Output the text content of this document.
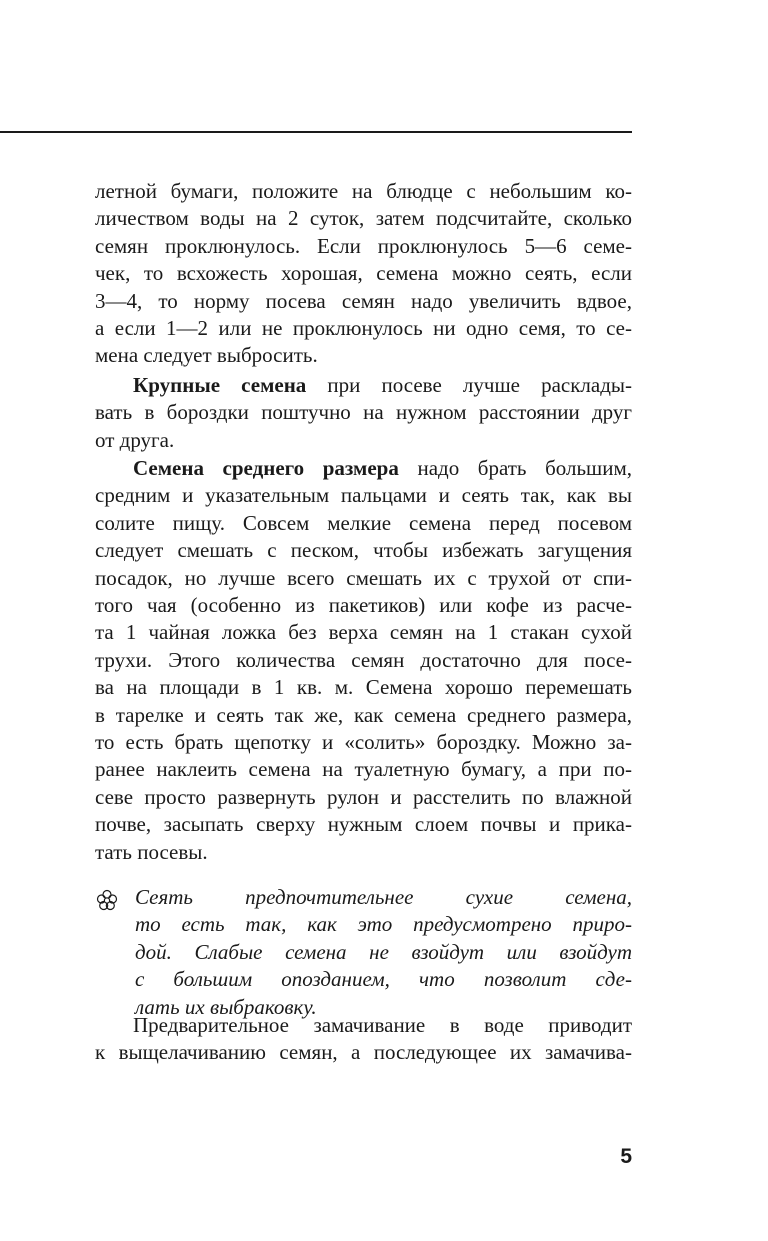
летной бумаги, положите на блюдце с небольшим ко-
личеством воды на 2 суток, затем подсчитайте, сколько
семян проклюнулось. Если проклюнулось 5—6 семе-
чек, то всхожесть хорошая, семена можно сеять, если
3—4, то норму посева семян надо увеличить вдвое,
а если 1—2 или не проклюнулось ни одно семя, то се-
мена следует выбросить.
Крупные семена при посеве лучше расклады-
вать в бороздки поштучно на нужном расстоянии друг
от друга.
Семена среднего размера надо брать большим,
средним и указательным пальцами и сеять так, как вы
солите пищу. Совсем мелкие семена перед посевом
следует смешать с песком, чтобы избежать загущения
посадок, но лучше всего смешать их с трухой от спи-
того чая (особенно из пакетиков) или кофе из расче-
та 1 чайная ложка без верха семян на 1 стакан сухой
трухи. Этого количества семян достаточно для посе-
ва на площади в 1 кв. м. Семена хорошо перемешать
в тарелке и сеять так же, как семена среднего размера,
то есть брать щепотку и «солить» бороздку. Можно за-
ранее наклеить семена на туалетную бумагу, а при по-
севе просто развернуть рулон и расстелить по влажной
почве, засыпать сверху нужным слоем почвы и прика-
тать посевы.
Сеять предпочтительнее сухие семена,
то есть так, как это предусмотрено приро-
дой. Слабые семена не взойдут или взойдут
с большим опозданием, что позволит сде-
лать их выбраковку.
Предварительное замачивание в воде приводит
к выщелачиванию семян, а последующее их замачива-
5
